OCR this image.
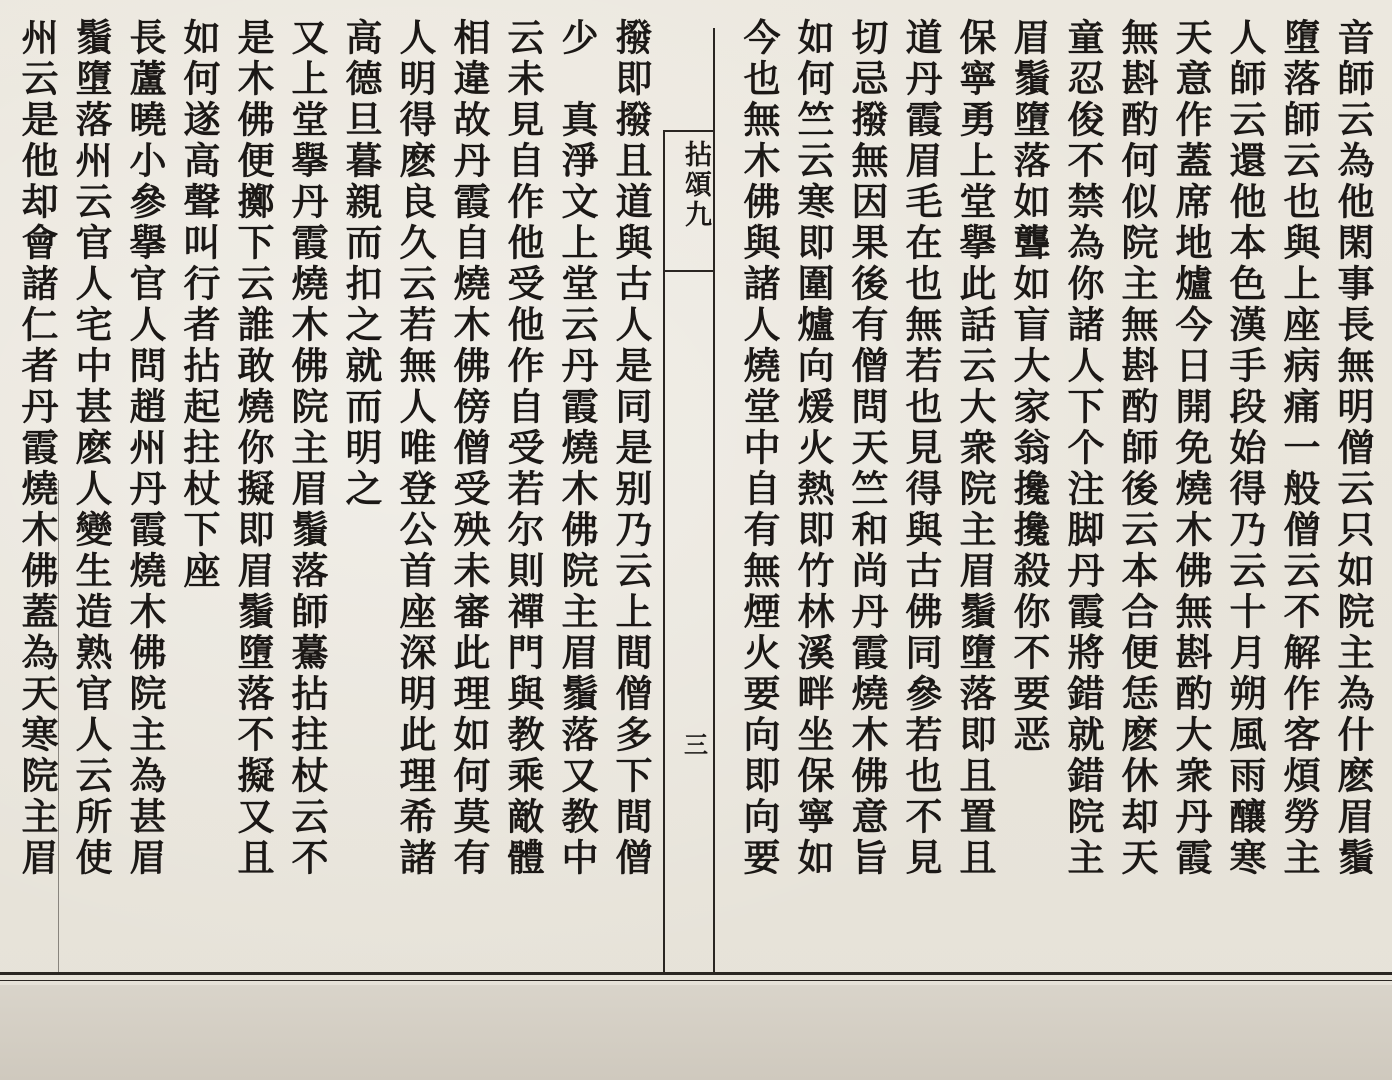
拈頌九
三	音師云為他閑事長無明僧云只如院主為什麽眉鬚
墮落師云也與上座病痛一般僧云不解作客煩勞主
人師云還他本色漢手段始得乃云十月朔風雨釀寒
天意作蓋席地爐今日開免燒木佛無斟酌大衆丹霞
無斟酌何似院主無斟酌師後云本合便恁麽休却天
童忍俊不禁為你諸人下个注脚丹霞將錯就錯院主
眉鬚墮落如聾如盲大家翁攙攙殺你不要恶
保寧勇上堂擧此話云大衆院主眉鬚墮落即且置且
道丹霞眉毛在也無若也見得與古佛同參若也不見
切忌撥無因果後有僧問天竺和尚丹霞燒木佛意旨
如何竺云寒即圍爐向煖火熱即竹林溪畔坐保寧如
今也無木佛與諸人燒堂中自有無煙火要向即向要
撥即撥且道與古人是同是别乃云上間僧多下間僧
少　真淨文上堂云丹霞燒木佛院主眉鬚落又教中
云未見自作他受他作自受若尔則禪門與教乘敵體
相違故丹霞自燒木佛傍僧受殃未審此理如何莫有
人明得麽良久云若無人唯登公首座深明此理希諸
高德旦暮親而扣之就而明之
又上堂擧丹霞燒木佛院主眉鬚落師驀拈拄杖云不
是木佛便擲下云誰敢燒你擬即眉鬚墮落不擬又且
如何遂高聲叫行者拈起拄杖下座
長蘆曉小參擧官人問趙州丹霞燒木佛院主為甚眉
鬚墮落州云官人宅中甚麽人變生造熟官人云所使
州云是他却會諸仁者丹霞燒木佛蓋為天寒院主眉
